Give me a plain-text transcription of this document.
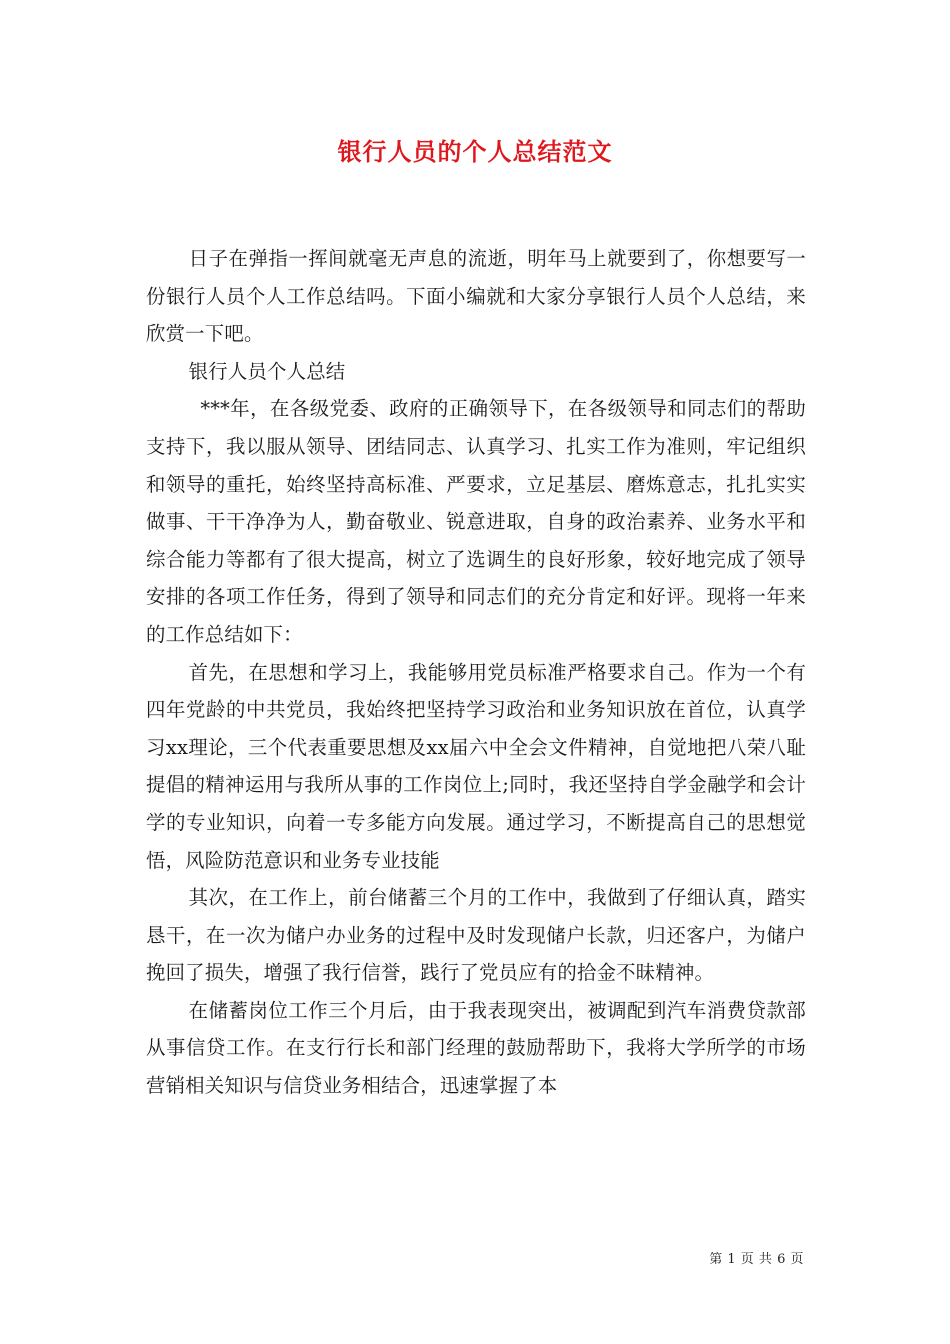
银行人员的个人总结范文

日子在弹指一挥间就毫无声息的流逝，明年马上就要到了，你想要写一份银行人员个人工作总结吗。下面小编就和大家分享银行人员个人总结，来欣赏一下吧。

银行人员个人总结

***年，在各级党委、政府的正确领导下，在各级领导和同志们的帮助支持下，我以服从领导、团结同志、认真学习、扎实工作为准则，牢记组织和领导的重托，始终坚持高标准、严要求，立足基层、磨炼意志，扎扎实实做事、干干净净为人，勤奋敬业、锐意进取，自身的政治素养、业务水平和综合能力等都有了很大提高，树立了选调生的良好形象，较好地完成了领导安排的各项工作任务，得到了领导和同志们的充分肯定和好评。现将一年来的工作总结如下：

首先，在思想和学习上，我能够用党员标准严格要求自己。作为一个有四年党龄的中共党员，我始终把坚持学习政治和业务知识放在首位，认真学习xx理论，三个代表重要思想及xx届六中全会文件精神，自觉地把八荣八耻提倡的精神运用与我所从事的工作岗位上;同时，我还坚持自学金融学和会计学的专业知识，向着一专多能方向发展。通过学习，不断提高自己的思想觉悟，风险防范意识和业务专业技能

其次，在工作上，前台储蓄三个月的工作中，我做到了仔细认真，踏实恳干，在一次为储户办业务的过程中及时发现储户长款，归还客户，为储户挽回了损失，增强了我行信誉，践行了党员应有的拾金不昧精神。

在储蓄岗位工作三个月后，由于我表现突出，被调配到汽车消费贷款部从事信贷工作。在支行行长和部门经理的鼓励帮助下，我将大学所学的市场营销相关知识与信贷业务相结合，迅速掌握了本

第 1 页 共 6 页
